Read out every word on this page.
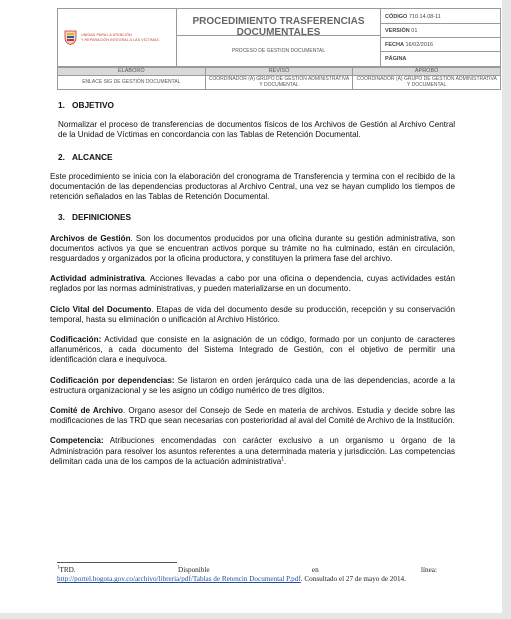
UNIDAD PARA LA ATENCIÓN
Y REPARACIÓN INTEGRAL A LAS VÍCTIMAS

PROCEDIMIENTO TRASFERENCIAS
DOCUMENTALES
PROCESO DE GESTION DOCUMENTAL

CÓDIGO 710.14.08-11
VERSIÓN 01
FECHA 16/02/2016
PÁGINA

ELABORÓ	REVISÓ	APROBÓ
ENLACE SIG DE GESTIÓN DOCUMENTAL	COORDINADOR (A) GRUPO DE GESTIÓN ADMINISTRATIVA Y DOCUMENTAL	COORDINADOR (A) GRUPO DE GESTIÓN ADMINISTRATIVA Y DOCUMENTAL
1. OBJETIVO

Normalizar el proceso de transferencias de documentos físicos de los Archivos de Gestión al Archivo Central de la Unidad de Víctimas en concordancia con las Tablas de Retención Documental.

2. ALCANCE

Este procedimiento se inicia con la elaboración del cronograma de Transferencia y termina con el recibido de la documentación de las dependencias productoras al Archivo Central, una vez se hayan cumplido los tiempos de retención señalados en las Tablas de Retención Documental.

3. DEFINICIONES

Archivos de Gestión. Son los documentos producidos por una oficina durante su gestión administrativa, son documentos activos ya que se encuentran activos porque su trámite no ha culminado, están en circulación, resguardados y organizados por la oficina productora, y constituyen la primera fase del archivo.

Actividad administrativa. Acciones llevadas a cabo por una oficina o dependencia, cuyas actividades están reglados por las normas administrativas, y pueden materializarse en un documento.

Ciclo Vital del Documento. Etapas de vida del documento desde su producción, recepción y su conservación temporal, hasta su eliminación o unificación al Archivo Histórico.

Codificación: Actividad que consiste en la asignación de un código, formado por un conjunto de caracteres alfanuméricos, a cada documento del Sistema Integrado de Gestión, con el objetivo de permitir una identificación clara e inequívoca.

Codificación por dependencias: Se listaron en orden jerárquico cada una de las dependencias, acorde a la estructura organizacional y se les asigno un código numérico de tres dígitos.

Comité de Archivo. Organo asesor del Consejo de Sede en materia de archivos. Estudia y decide sobre las modificaciones de las TRD que sean necesarias con posterioridad al aval del Comité de Archivo de la Institución.

Competencia: Atribuciones encomendadas con carácter exclusivo a un organismo u órgano de la Administración para resolver los asuntos referentes a una determinada materia y jurisdicción. Las competencias delimitan cada una de los campos de la actuación administrativa$^1$.

$^1$TRD.	Disponible	en	línea:
http://portel.bogota.gov.co/archivo/libreria/pdf/Tablas de Retencin Documental P.pdf. Consultado el 27 de mayo de 2014.
